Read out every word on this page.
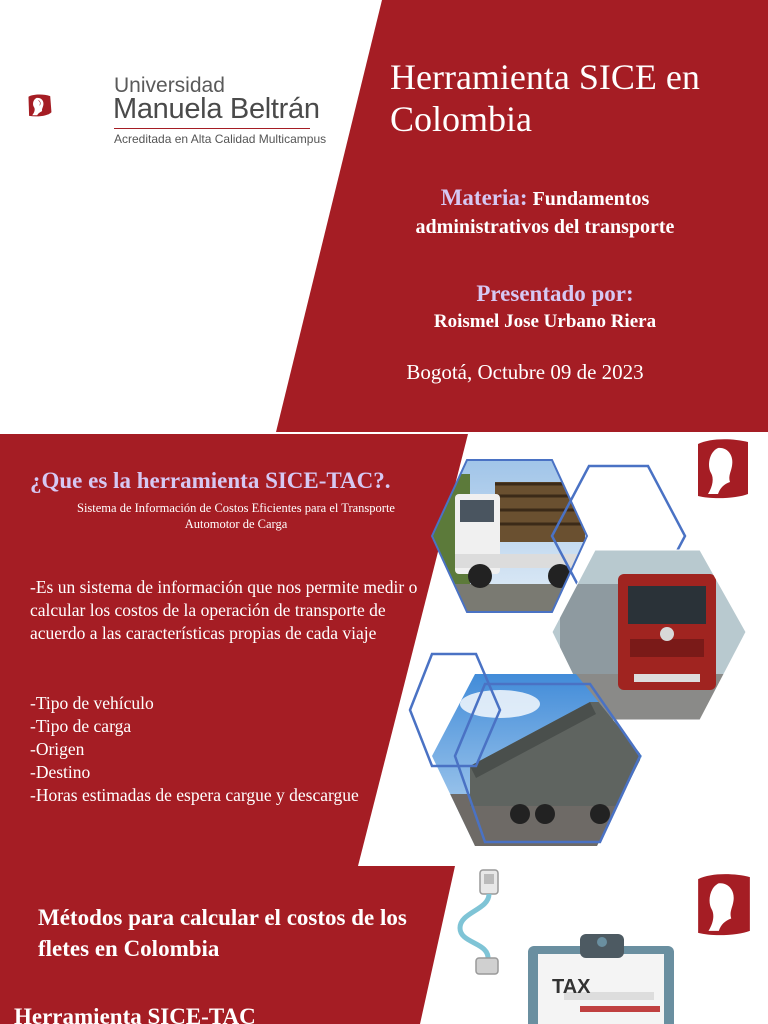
Universidad
Manuela Beltrán
Acreditada en Alta Calidad Multicampus
Herramienta SICE en Colombia
Materia: Fundamentos administrativos del transporte
Presentado por:
Roismel Jose Urbano Riera
Bogotá, Octubre 09 de 2023
¿Que es la herramienta SICE-TAC?.
Sistema de Información de Costos Eficientes para el Transporte Automotor de Carga
-Es un sistema de información que nos permite medir o calcular los costos de la operación de transporte de acuerdo a las características propias de cada viaje
-Tipo de vehículo
-Tipo de carga
-Origen
-Destino
-Horas estimadas de espera cargue y descargue
Métodos para calcular el costos de los fletes en Colombia
Herramienta SICE-TAC
TAX
